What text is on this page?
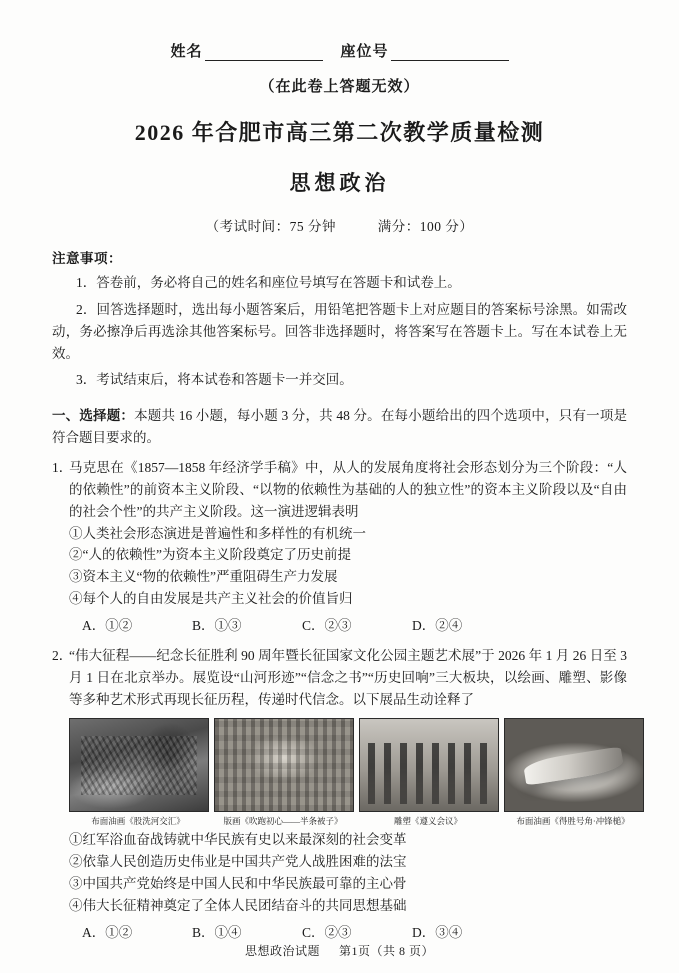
姓名	座位号
（在此卷上答题无效）
2026 年合肥市高三第二次教学质量检测
思想政治
（考试时间：75 分钟	满分：100 分）
注意事项：
1．答卷前，务必将自己的姓名和座位号填写在答题卡和试卷上。
2．回答选择题时，选出每小题答案后，用铅笔把答题卡上对应题目的答案标号涂黑。如需改动，务必擦净后再选涂其他答案标号。回答非选择题时，将答案写在答题卡上。写在本试卷上无效。
3．考试结束后，将本试卷和答题卡一并交回。
一、选择题：本题共 16 小题，每小题 3 分，共 48 分。在每小题给出的四个选项中，只有一项是符合题目要求的。
1．
马克思在《1857—1858 年经济学手稿》中，从人的发展角度将社会形态划分为三个阶段：“人的依赖性”的前资本主义阶段、“以物的依赖性为基础的人的独立性”的资本主义阶段以及“自由的社会个性”的共产主义阶段。这一演进逻辑表明
①人类社会形态演进是普遍性和多样性的有机统一
②“人的依赖性”为资本主义阶段奠定了历史前提
③资本主义“物的依赖性”严重阻碍生产力发展
④每个人的自由发展是共产主义社会的价值旨归
A．①②	B．①③	C．②③	D．②④
2．
“伟大征程——纪念长征胜利 90 周年暨长征国家文化公园主题艺术展”于 2026 年 1 月 26 日至 3 月 1 日在北京举办。展览设“山河形迹”“信念之书”“历史回响”三大板块，以绘画、雕塑、影像等多种艺术形式再现长征历程，传递时代信念。以下展品生动诠释了
布面油画《股洗河交汇》	版画《吹跑初心——半条被子》	雕塑《遵义会议》	布面油画《得胜号角·冲锋槌》
①红军浴血奋战铸就中华民族有史以来最深刻的社会变革
②依靠人民创造历史伟业是中国共产党人战胜困难的法宝
③中国共产党始终是中国人民和中华民族最可靠的主心骨
④伟大长征精神奠定了全体人民团结奋斗的共同思想基础
A．①②	B．①④	C．②③	D．③④
思想政治试题 第1页（共 8 页）
